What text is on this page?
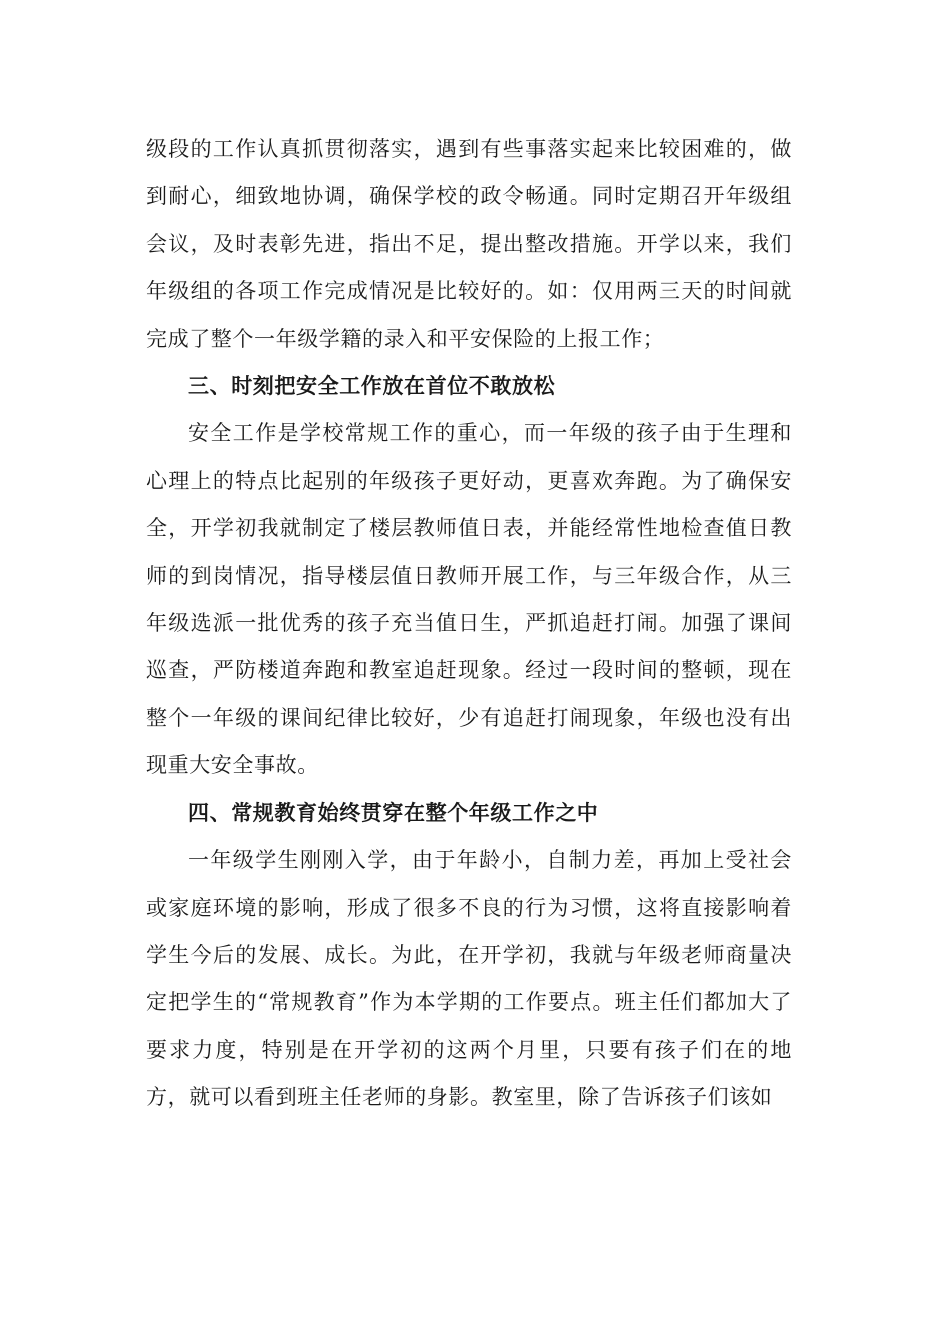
级段的工作认真抓贯彻落实，遇到有些事落实起来比较困难的，做到耐心，细致地协调，确保学校的政令畅通。同时定期召开年级组会议，及时表彰先进，指出不足，提出整改措施。开学以来，我们年级组的各项工作完成情况是比较好的。如：仅用两三天的时间就完成了整个一年级学籍的录入和平安保险的上报工作；

三、时刻把安全工作放在首位不敢放松

安全工作是学校常规工作的重心，而一年级的孩子由于生理和心理上的特点比起别的年级孩子更好动，更喜欢奔跑。为了确保安全，开学初我就制定了楼层教师值日表，并能经常性地检查值日教师的到岗情况，指导楼层值日教师开展工作，与三年级合作，从三年级选派一批优秀的孩子充当值日生，严抓追赶打闹。加强了课间巡查，严防楼道奔跑和教室追赶现象。经过一段时间的整顿，现在整个一年级的课间纪律比较好，少有追赶打闹现象，年级也没有出现重大安全事故。

四、常规教育始终贯穿在整个年级工作之中

一年级学生刚刚入学，由于年龄小，自制力差，再加上受社会或家庭环境的影响，形成了很多不良的行为习惯，这将直接影响着学生今后的发展、成长。为此，在开学初，我就与年级老师商量决定把学生的“常规教育”作为本学期的工作要点。班主任们都加大了要求力度，特别是在开学初的这两个月里，只要有孩子们在的地方，就可以看到班主任老师的身影。教室里，除了告诉孩子们该如
